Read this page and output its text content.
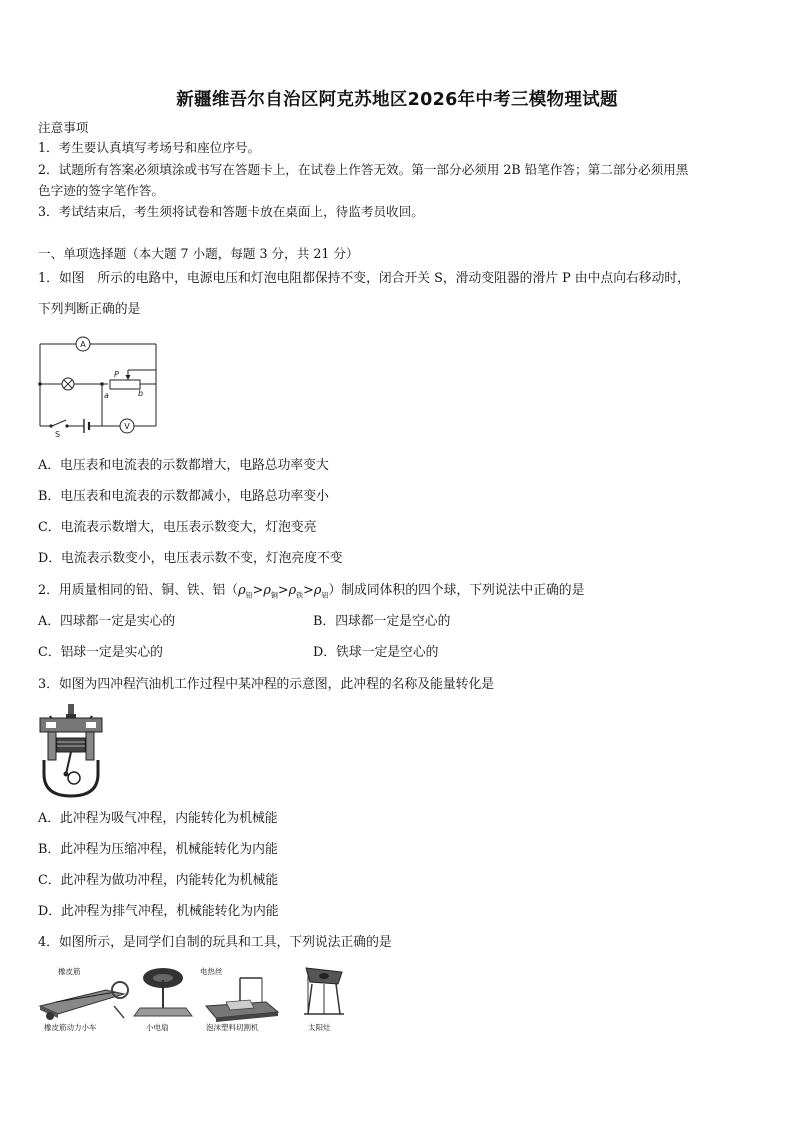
新疆维吾尔自治区阿克苏地区2026年中考三模物理试题
注意事项
1．考生要认真填写考场号和座位序号。
2．试题所有答案必须填涂或书写在答题卡上，在试卷上作答无效。第一部分必须用 2B 铅笔作答；第二部分必须用黑
色字迹的签字笔作答。
3．考试结束后，考生须将试卷和答题卡放在桌面上，待监考员收回。
一、单项选择题（本大题 7 小题，每题 3 分，共 21 分）
1．如图　所示的电路中，电源电压和灯泡电阻都保持不变，闭合开关 S，滑动变阻器的滑片 P 由中点向右移动时，
下列判断正确的是
A
V
P
a	b
S
A．电压表和电流表的示数都增大，电路总功率变大
B．电压表和电流表的示数都减小，电路总功率变小
C．电流表示数增大，电压表示数变大，灯泡变亮
D．电流表示数变小，电压表示数不变，灯泡亮度不变
2．用质量相同的铅、铜、铁、铝$(\rho_铅>\rho_铜>\rho_铁>\rho_铝)$制成同体积的四个球，下列说法中正确的是
A．四球都一定是实心的	B．四球都一定是空心的
C．铝球一定是实心的	D．铁球一定是空心的
3．如图为四冲程汽油机工作过程中某冲程的示意图，此冲程的名称及能量转化是
A．此冲程为吸气冲程，内能转化为机械能
B．此冲程为压缩冲程，机械能转化为内能
C．此冲程为做功冲程，内能转化为机械能
D．此冲程为排气冲程，机械能转化为内能
4．如图所示，是同学们自制的玩具和工具，下列说法正确的是
橡皮筋
橡皮筋动力小车	小电扇
电热丝
泡沫塑料切割机	太阳灶
